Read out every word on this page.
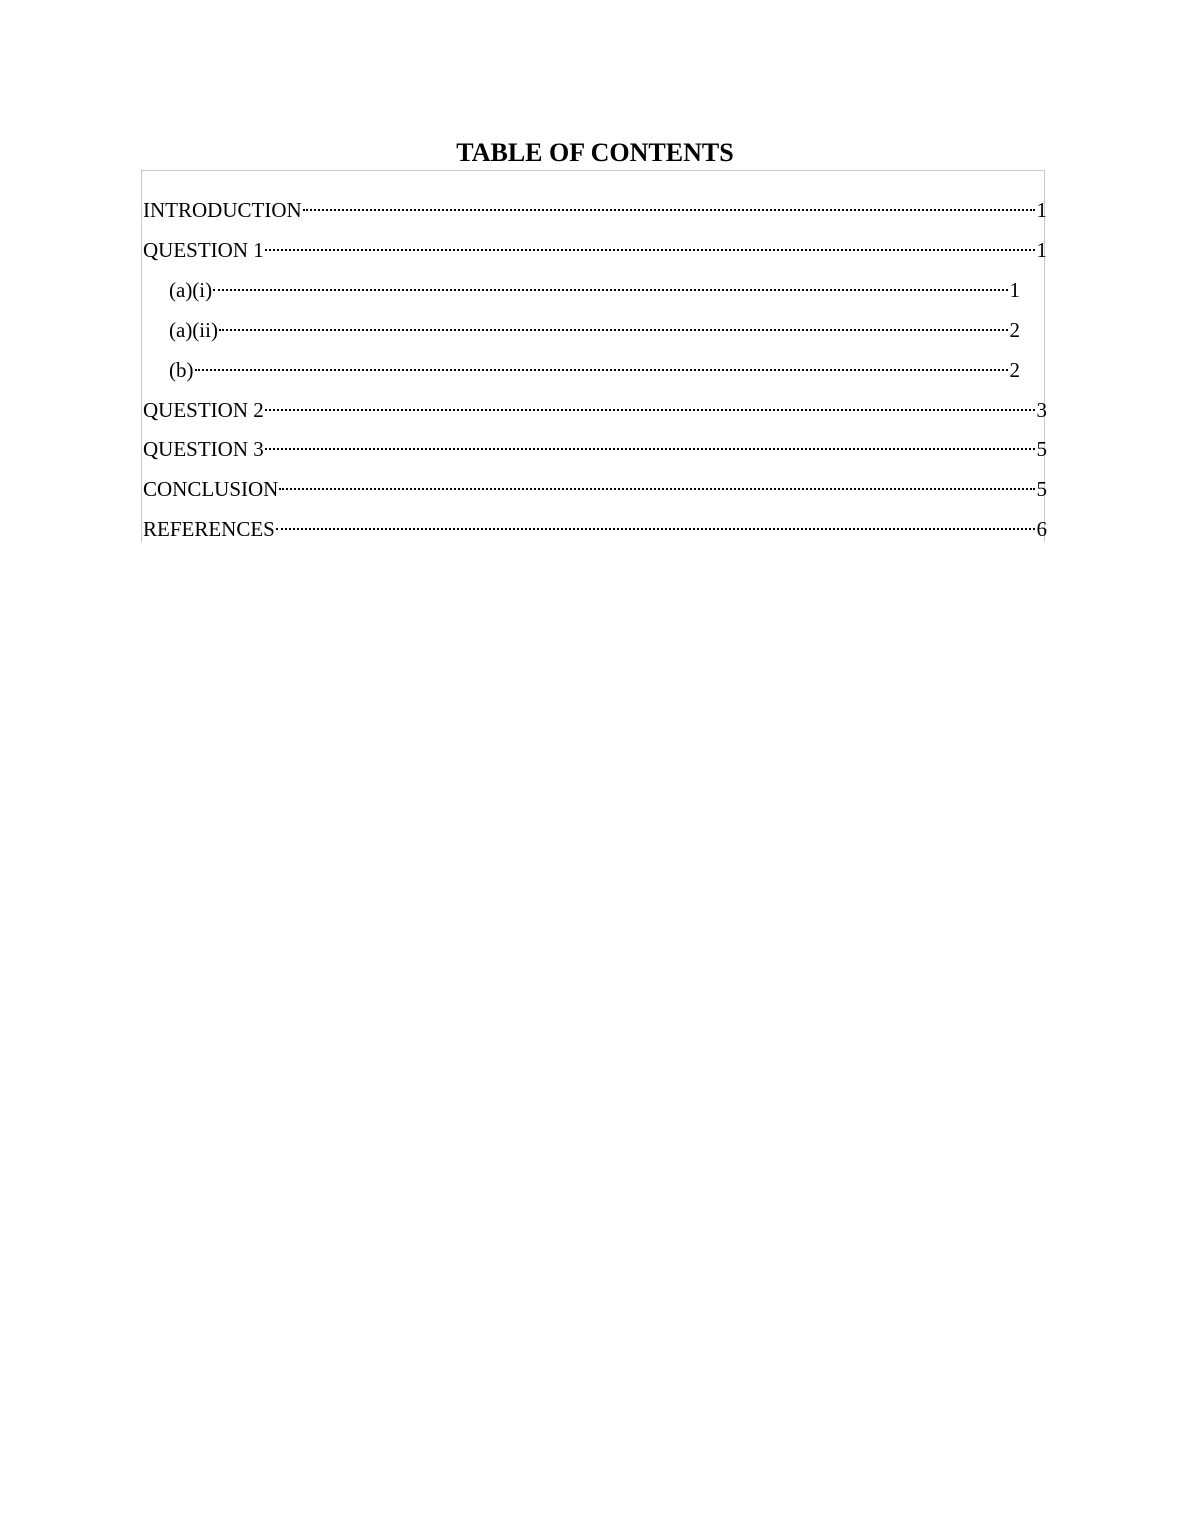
TABLE OF CONTENTS
INTRODUCTION	1
QUESTION 1	1
(a)(i)	1
(a)(ii)	2
(b)	2
QUESTION 2	3
QUESTION 3	5
CONCLUSION	5
REFERENCES	6
